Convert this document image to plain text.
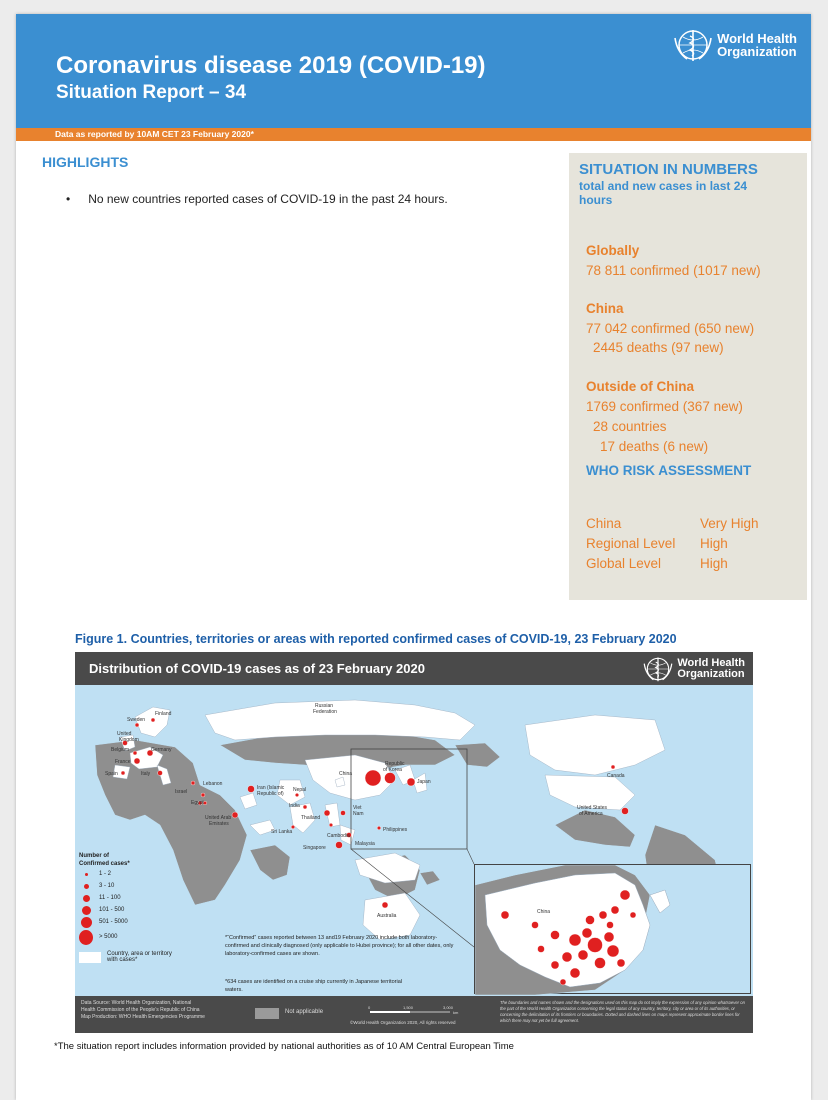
Coronavirus disease 2019 (COVID-19)
Situation Report – 34
World Health
Organization
Data as reported by 10AM CET 23 February 2020*
HIGHLIGHTS
• No new countries reported cases of COVID-19 in the past 24 hours.
SITUATION IN NUMBERS
total and new cases in last 24 hours
Globally
78 811 confirmed (1017 new)
China
77 042 confirmed (650 new)
2445 deaths (97 new)
Outside of China
1769 confirmed (367 new)
28 countries
17 deaths (6 new)
WHO RISK ASSESSMENT
China	Very High
Regional Level High
Global Level	High
Figure 1. Countries, territories or areas with reported confirmed cases of COVID-19, 23 February 2020
Distribution of COVID-19 cases as of 23 February 2020	World Health
Organization
Finland
Sweden
Russian
Federation
United
Kingdom
Belgium	Germany
France
Spain	Italy
Lebanon
Israel
Egypt
United Arab
Emirates
Iran (Islamic
Republic of)
Nepal
India
Sri Lanka
Thailand
Viet
Nam
Cambodia
Singapore
Malaysia
Philippines
China
Republic
of Korea
Japan
Canada
United States
of America
Australia
Number of
Confirmed cases*
1 - 2
3 - 10
11 - 100
101 - 500
501 - 5000
> 5000
Country, area or territory
with cases*
*“Confirmed” cases reported between 13 and19 February 2020 include both laboratory-confirmed and clinically diagnosed (only applicable to Hubei province); for all other dates, only laboratory-confirmed cases are shown.
*634 cases are identified on a cruise ship currently in Japanese territorial waters.
China
Data Source: World Health Organization, National
Health Commission of the People’s Republic of China
Map Production: WHO Health Emergencies Programme
Not applicable
0	1,500	3,000
km
©World Health Organization 2020, All rights reserved
The boundaries and names shown and the designations used on this map do not imply the expression of any opinion whatsoever on the part of the World Health Organization concerning the legal status of any country, territory, city or area or of its authorities, or concerning the delimitation of its frontiers or boundaries. Dotted and dashed lines on maps represent approximate border lines for which there may not yet be full agreement.
*The situation report includes information provided by national authorities as of 10 AM Central European Time
